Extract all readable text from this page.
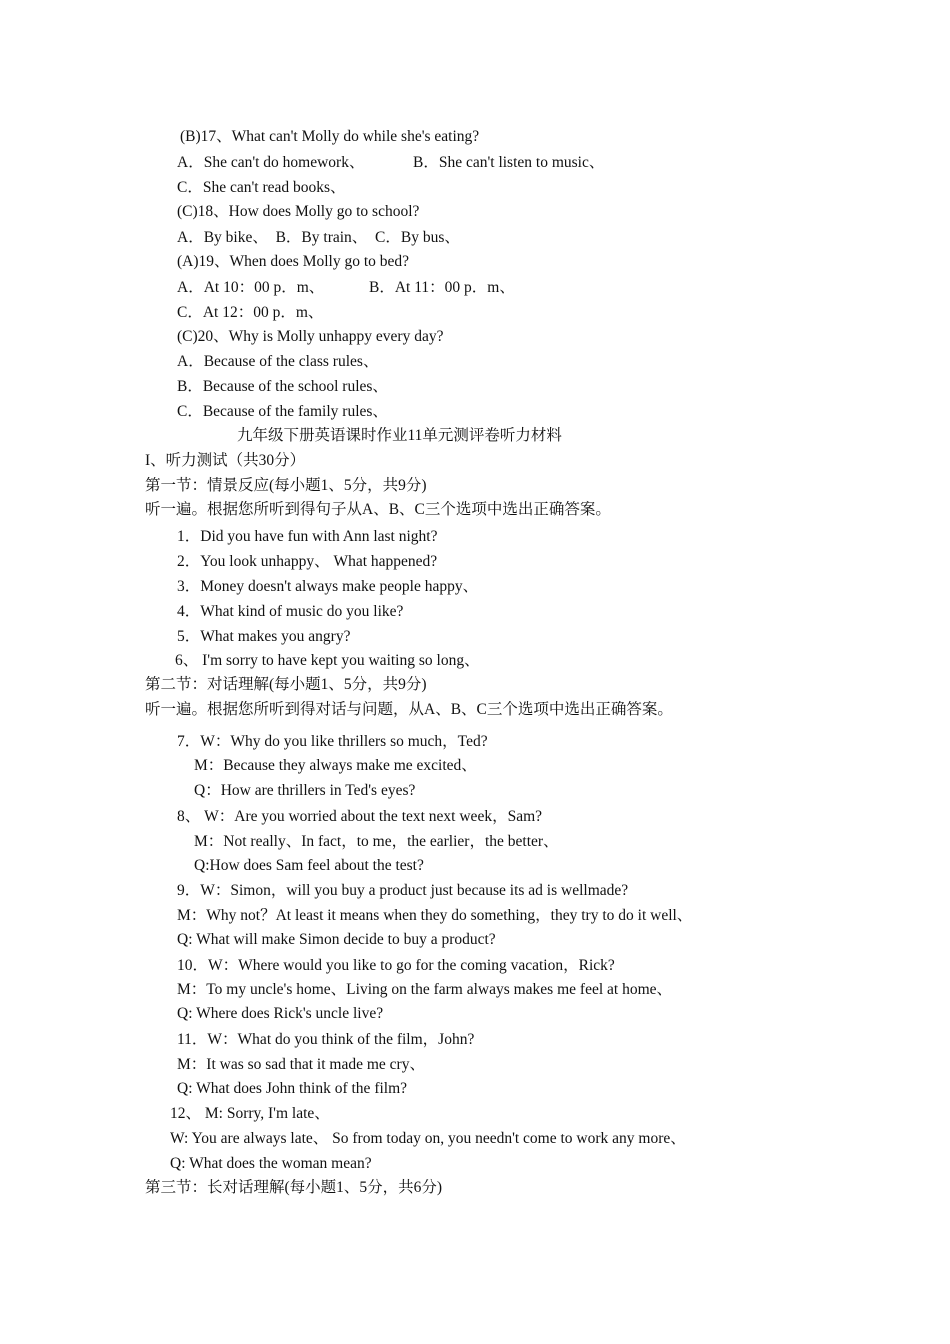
(B)17、What can't Molly do while she's eating?
A．She can't do homework、	B．She can't listen to music、
C．She can't read books、
(C)18、How does Molly go to school?
A．By bike、  B．By train、  C．By bus、
(A)19、When does Molly go to bed?
A．At 10：00 p．m、	B．At 11：00 p．m、
C．At 12：00 p．m、
(C)20、Why is Molly unhappy every day?
A．Because of the class rules、
B．Because of the school rules、
C．Because of the family rules、
九年级下册英语课时作业11单元测评卷听力材料
I、听力测试（共30分）
第一节：情景反应(每小题1、5分，共9分)
听一遍。根据您所听到得句子从A、B、C三个选项中选出正确答案。
1．Did you have fun with Ann last night?
2．You look unhappy、 What happened?
3．Money doesn't always make people happy、
4．What kind of music do you like?
5．What makes you angry?
6、 I'm sorry to have kept you waiting so long、
第二节：对话理解(每小题1、5分，共9分)
听一遍。根据您所听到得对话与问题，从A、B、C三个选项中选出正确答案。
7．W：Why do you like thrillers so much，Ted?
M：Because they always make me excited、
Q：How are thrillers in Ted's eyes?
8、 W：Are you worried about the text next week，Sam?
M：Not really、In fact，to me，the earlier，the better、
Q:How does Sam feel about the test?
9．W：Simon，will you buy a product just because its ad is wellmade?
M：Why not？At least it means when they do something，they try to do it well、
Q: What will make Simon decide to buy a product?
10．W：Where would you like to go for the coming vacation，Rick?
M：To my uncle's home、Living on the farm always makes me feel at home、
Q: Where does Rick's uncle live?
11．W：What do you think of the film，John?
M：It was so sad that it made me cry、
Q: What does John think of the film?
12、 M: Sorry, I'm late、
W: You are always late、 So from today on, you needn't come to work any more、
Q: What does the woman mean?
第三节：长对话理解(每小题1、5分，共6分)
